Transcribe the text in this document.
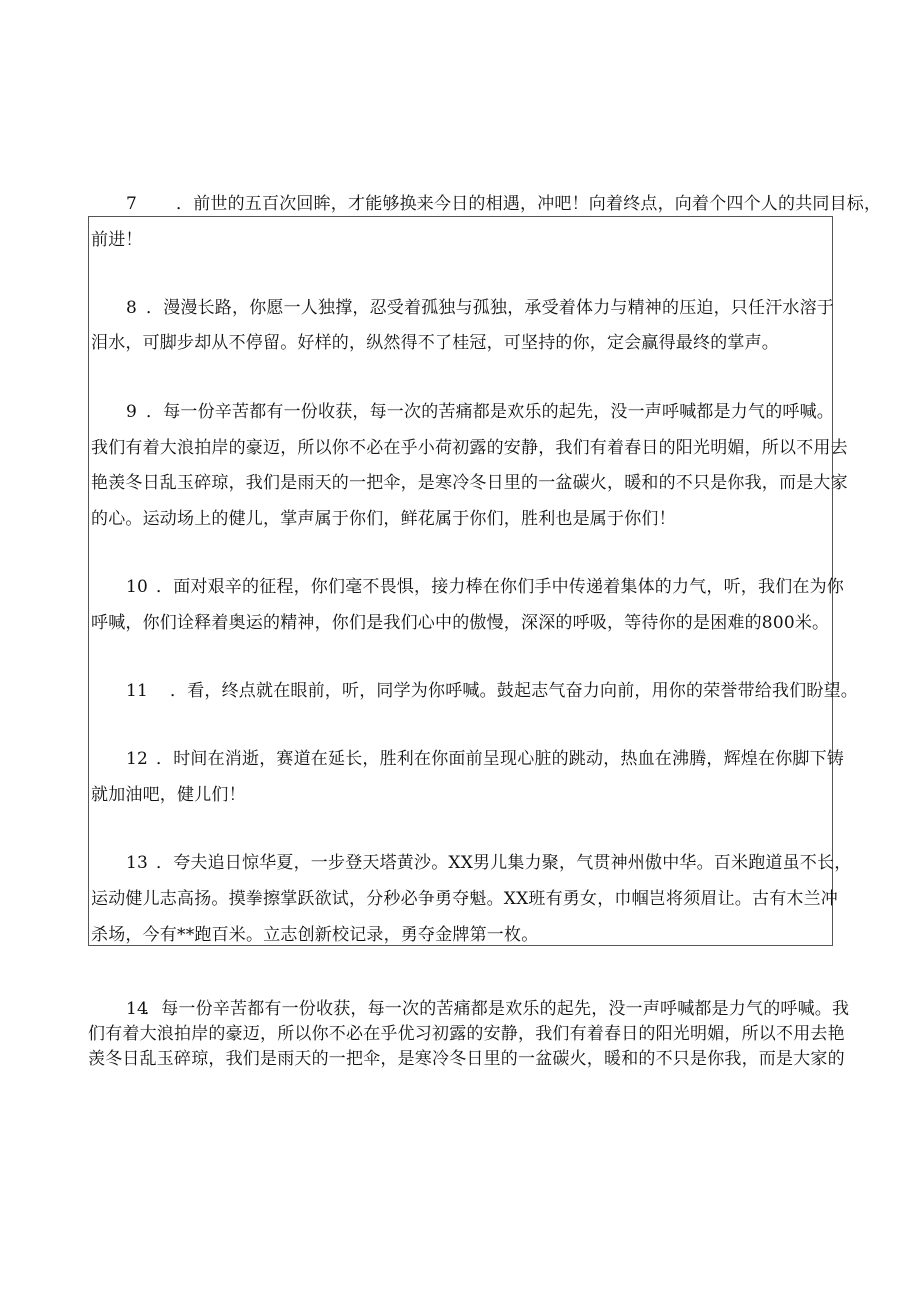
7 ．前世的五百次回眸，才能够换来今日的相遇，冲吧！向着终点，向着个四个人的共同目标，
前进！
8 ．漫漫长路，你愿一人独撑，忍受着孤独与孤独，承受着体力与精神的压迫，只任汗水溶于
泪水，可脚步却从不停留。好样的，纵然得不了桂冠，可坚持的你，定会赢得最终的掌声。
9 ．每一份辛苦都有一份收获，每一次的苦痛都是欢乐的起先，没一声呼喊都是力气的呼喊。
我们有着大浪拍岸的豪迈，所以你不必在乎小荷初露的安静，我们有着春日的阳光明媚，所以不用去
艳羡冬日乱玉碎琼，我们是雨天的一把伞，是寒冷冬日里的一盆碳火，暖和的不只是你我，而是大家
的心。运动场上的健儿，掌声属于你们，鲜花属于你们，胜利也是属于你们！
10 ．面对艰辛的征程，你们毫不畏惧，接力棒在你们手中传递着集体的力气，听，我们在为你
呼喊，你们诠释着奥运的精神，你们是我们心中的傲慢，深深的呼吸，等待你的是困难的800米。
11 ．看，终点就在眼前，听，同学为你呼喊。鼓起志气奋力向前，用你的荣誉带给我们盼望。
12 ．时间在消逝，赛道在延长，胜利在你面前呈现心脏的跳动，热血在沸腾，辉煌在你脚下铸
就加油吧，健儿们！
13 ．夸夫追日惊华夏，一步登天塔黄沙。XX男儿集力聚，气贯神州傲中华。百米跑道虽不长，
运动健儿志高扬。摸拳擦掌跃欲试，分秒必争勇夺魁。XX班有勇女，巾帼岂将须眉让。古有木兰冲
杀场，今有**跑百米。立志创新校记录，勇夺金牌第一枚。
14．每一份辛苦都有一份收获，每一次的苦痛都是欢乐的起先，没一声呼喊都是力气的呼喊。我
们有着大浪拍岸的豪迈，所以你不必在乎优习初露的安静，我们有着春日的阳光明媚，所以不用去艳
羡冬日乱玉碎琼，我们是雨天的一把伞，是寒冷冬日里的一盆碳火，暖和的不只是你我，而是大家的
